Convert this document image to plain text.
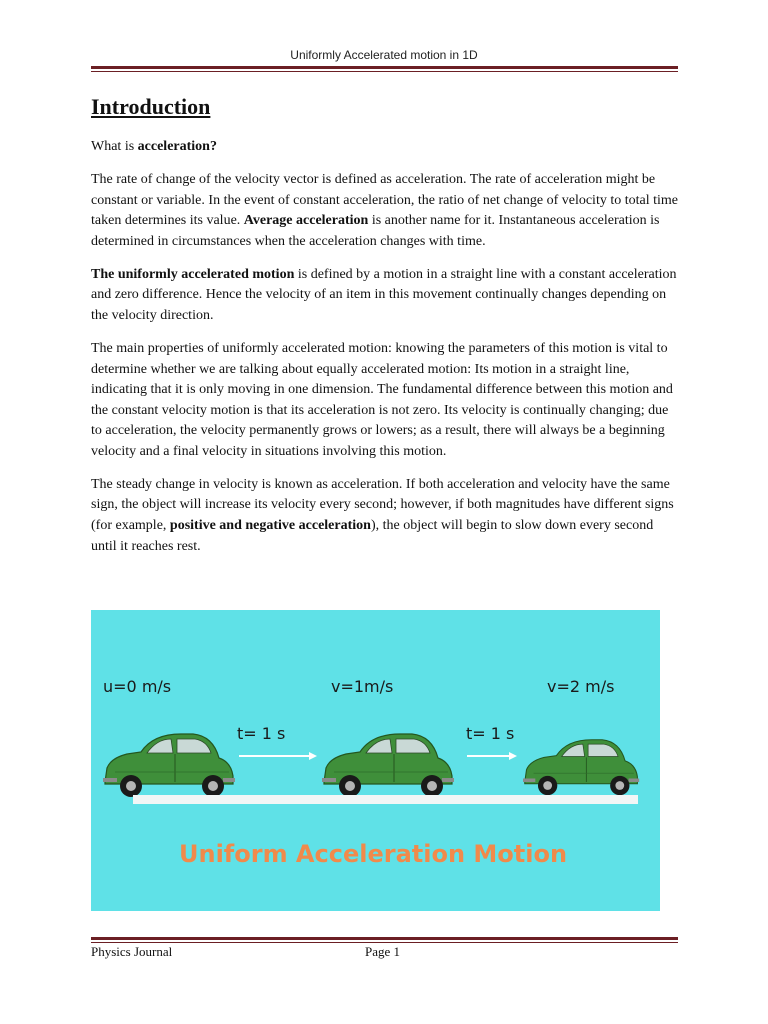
Uniformly Accelerated motion in 1D
Introduction

What is acceleration?

The rate of change of the velocity vector is defined as acceleration. The rate of acceleration might be constant or variable. In the event of constant acceleration, the ratio of net change of velocity to total time taken determines its value. Average acceleration is another name for it. Instantaneous acceleration is determined in circumstances when the acceleration changes with time.

The uniformly accelerated motion is defined by a motion in a straight line with a constant acceleration and zero difference. Hence the velocity of an item in this movement continually changes depending on the velocity direction.

The main properties of uniformly accelerated motion: knowing the parameters of this motion is vital to determine whether we are talking about equally accelerated motion: Its motion in a straight line, indicating that it is only moving in one dimension. The fundamental difference between this motion and the constant velocity motion is that its acceleration is not zero. Its velocity is continually changing; due to acceleration, the velocity permanently grows or lowers; as a result, there will always be a beginning velocity and a final velocity in situations involving this motion.

The steady change in velocity is known as acceleration. If both acceleration and velocity have the same sign, the object will increase its velocity every second; however, if both magnitudes have different signs (for example, positive and negative acceleration), the object will begin to slow down every second until it reaches rest.

u=0 m/s	v=1m/s	v=2 m/s
t= 1 s	t= 1 s
Uniform Acceleration Motion
Physics Journal	Page 1
